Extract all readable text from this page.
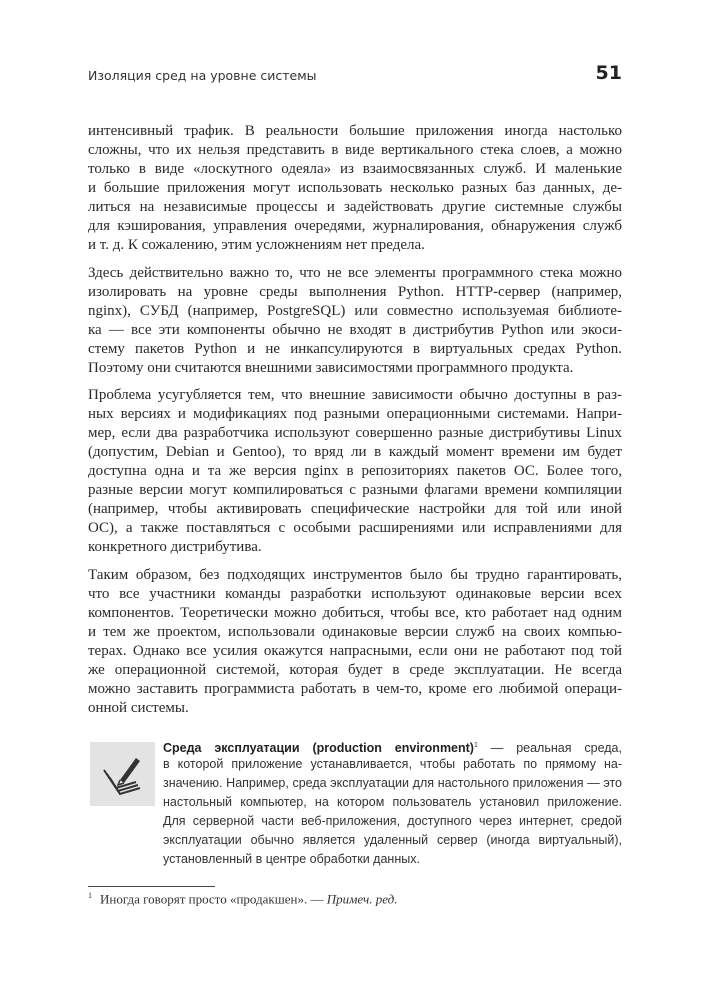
Изоляция сред на уровне системы	51
интенсивный трафик. В реальности большие приложения иногда настолько
сложны, что их нельзя представить в виде вертикального стека слоев, а можно
только в виде «лоскутного одеяла» из взаимосвязанных служб. И маленькие
и большие приложения могут использовать несколько разных баз данных, де-
литься на независимые процессы и задействовать другие системные службы
для кэширования, управления очередями, журналирования, обнаружения служб
и т. д. К сожалению, этим усложнениям нет предела.
Здесь действительно важно то, что не все элементы программного стека можно
изолировать на уровне среды выполнения Python. HTTP-сервер (например,
nginx), СУБД (например, PostgreSQL) или совместно используемая библиоте-
ка — все эти компоненты обычно не входят в дистрибутив Python или экоси-
стему пакетов Python и не инкапсулируются в виртуальных средах Python.
Поэтому они считаются внешними зависимостями программного продукта.
Проблема усугубляется тем, что внешние зависимости обычно доступны в раз-
ных версиях и модификациях под разными операционными системами. Напри-
мер, если два разработчика используют совершенно разные дистрибутивы Linux
(допустим, Debian и Gentoo), то вряд ли в каждый момент времени им будет
доступна одна и та же версия nginx в репозиториях пакетов ОС. Более того,
разные версии могут компилироваться с разными флагами времени компиляции
(например, чтобы активировать специфические настройки для той или иной
ОС), а также поставляться с особыми расширениями или исправлениями для
конкретного дистрибутива.
Таким образом, без подходящих инструментов было бы трудно гарантировать,
что все участники команды разработки используют одинаковые версии всех
компонентов. Теоретически можно добиться, чтобы все, кто работает над одним
и тем же проектом, использовали одинаковые версии служб на своих компью-
терах. Однако все усилия окажутся напрасными, если они не работают под той
же операционной системой, которая будет в среде эксплуатации. Не всегда
можно заставить программиста работать в чем-то, кроме его любимой операци-
онной системы.
Среда эксплуатации (production environment)$^1$ — реальная среда,
в которой приложение устанавливается, чтобы работать по прямому на-
значению. Например, среда эксплуатации для настольного приложения — это
настольный компьютер, на котором пользователь установил приложение.
Для серверной части веб-приложения, доступного через интернет, средой
эксплуатации обычно является удаленный сервер (иногда виртуальный),
установленный в центре обработки данных.
$^1$ Иногда говорят просто «продакшен». — Примеч. ред.
